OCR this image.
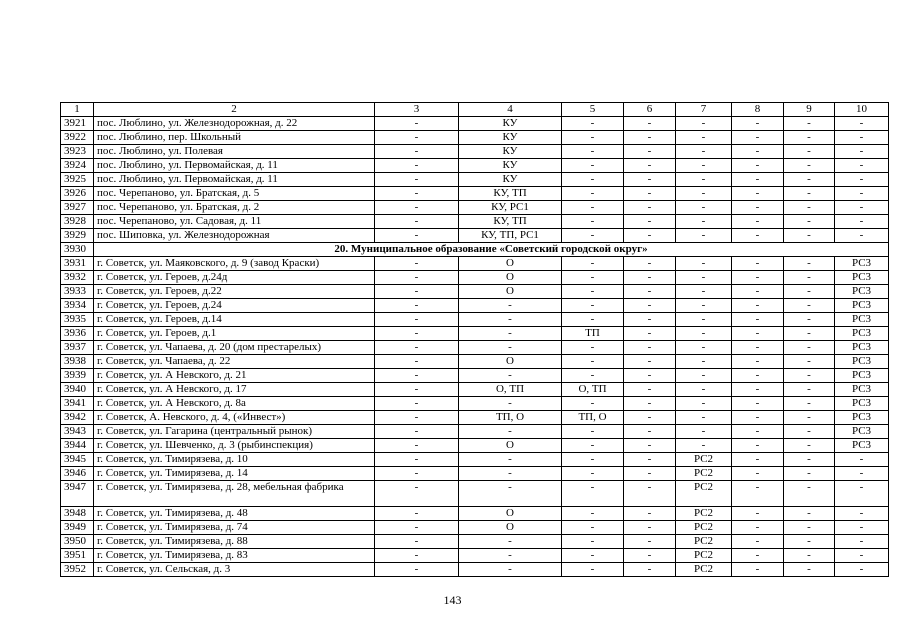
1	2	3	4	5	6	7	8	9	10
3921	пос. Люблино, ул. Железнодорожная, д. 22	-	КУ	-	-	-	-	-	-
3922	пос. Люблино, пер. Школьный	-	КУ	-	-	-	-	-	-
3923	пос. Люблино, ул. Полевая	-	КУ	-	-	-	-	-	-
3924	пос. Люблино, ул. Первомайская, д. 11	-	КУ	-	-	-	-	-	-
3925	пос. Люблино, ул. Первомайская, д. 11	-	КУ	-	-	-	-	-	-
3926	пос. Черепаново, ул. Братская, д. 5	-	КУ, ТП	-	-	-	-	-	-
3927	пос. Черепаново, ул. Братская, д. 2	-	КУ, РС1	-	-	-	-	-	-
3928	пос. Черепаново, ул. Садовая, д. 11	-	КУ, ТП	-	-	-	-	-	-
3929	пос. Шиповка, ул. Железнодорожная	-	КУ, ТП, РС1	-	-	-	-	-	-
3930	20. Муниципальное образование «Советский городской округ»								
3931	г. Советск, ул. Маяковского, д. 9 (завод Краски)	-	О	-	-	-	-	-	РС3
3932	г. Советск, ул. Героев, д.24д	-	О	-	-	-	-	-	РС3
3933	г. Советск, ул. Героев, д.22	-	О	-	-	-	-	-	РС3
3934	г. Советск, ул. Героев, д.24	-	-	-	-	-	-	-	РС3
3935	г. Советск, ул. Героев, д.14	-	-	-	-	-	-	-	РС3
3936	г. Советск, ул. Героев, д.1	-	-	ТП	-	-	-	-	РС3
3937	г. Советск, ул. Чапаева, д. 20 (дом престарелых)	-	-	-	-	-	-	-	РС3
3938	г. Советск, ул. Чапаева, д. 22	-	О	-	-	-	-	-	РС3
3939	г. Советск, ул. А Невского, д. 21	-	-	-	-	-	-	-	РС3
3940	г. Советск, ул. А Невского, д. 17	-	О, ТП	О, ТП	-	-	-	-	РС3
3941	г. Советск, ул. А Невского, д. 8а	-	-	-	-	-	-	-	РС3
3942	г. Советск, А. Невского, д. 4, («Инвест»)	-	ТП, О	ТП, О	-	-	-	-	РС3
3943	г. Советск, ул. Гагарина (центральный рынок)	-	-	-	-	-	-	-	РС3
3944	г. Советск, ул. Шевченко, д. 3 (рыбинспекция)	-	О	-	-	-	-	-	РС3
3945	г. Советск, ул. Тимирязева, д. 10	-	-	-	-	РС2	-	-	-
3946	г. Советск, ул. Тимирязева, д. 14	-	-	-	-	РС2	-	-	-
3947	г. Советск, ул. Тимирязева, д. 28, мебельная фабрика	-	-	-	-	РС2	-	-	-
3948	г. Советск, ул. Тимирязева, д. 48	-	О	-	-	РС2	-	-	-
3949	г. Советск, ул. Тимирязева, д. 74	-	О	-	-	РС2	-	-	-
3950	г. Советск, ул. Тимирязева, д. 88	-	-	-	-	РС2	-	-	-
3951	г. Советск, ул. Тимирязева, д. 83	-	-	-	-	РС2	-	-	-
3952	г. Советск, ул. Сельская, д. 3	-	-	-	-	РС2	-	-	-
143
